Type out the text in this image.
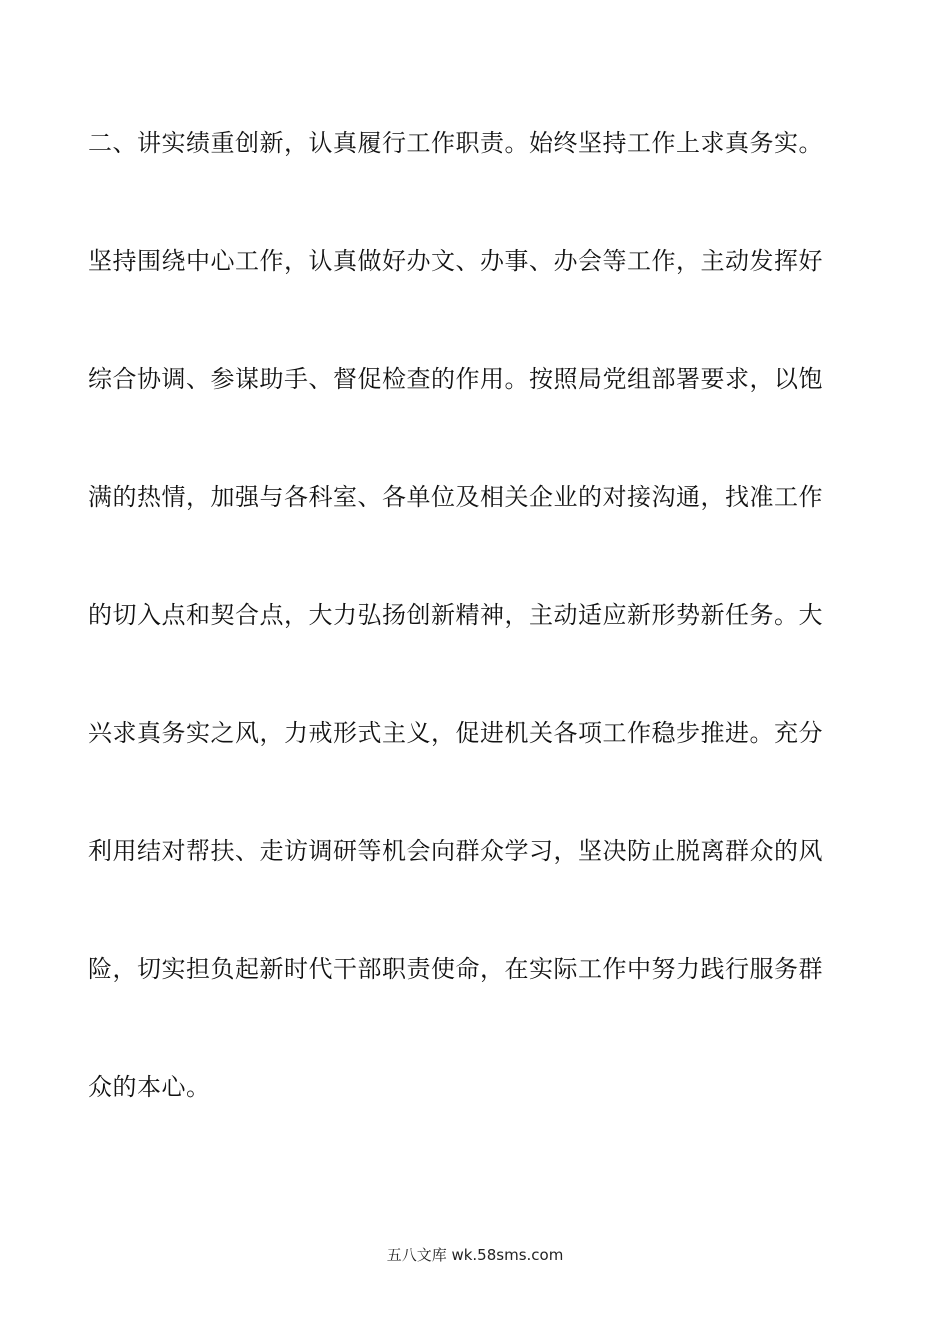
二、讲实绩重创新，认真履行工作职责。始终坚持工作上求真务实。
坚持围绕中心工作，认真做好办文、办事、办会等工作，主动发挥好
综合协调、参谋助手、督促检查的作用。按照局党组部署要求，以饱
满的热情，加强与各科室、各单位及相关企业的对接沟通，找准工作
的切入点和契合点，大力弘扬创新精神，主动适应新形势新任务。大
兴求真务实之风，力戒形式主义，促进机关各项工作稳步推进。充分
利用结对帮扶、走访调研等机会向群众学习，坚决防止脱离群众的风
险，切实担负起新时代干部职责使命，在实际工作中努力践行服务群
众的本心。
五八文库 wk.58sms.com
